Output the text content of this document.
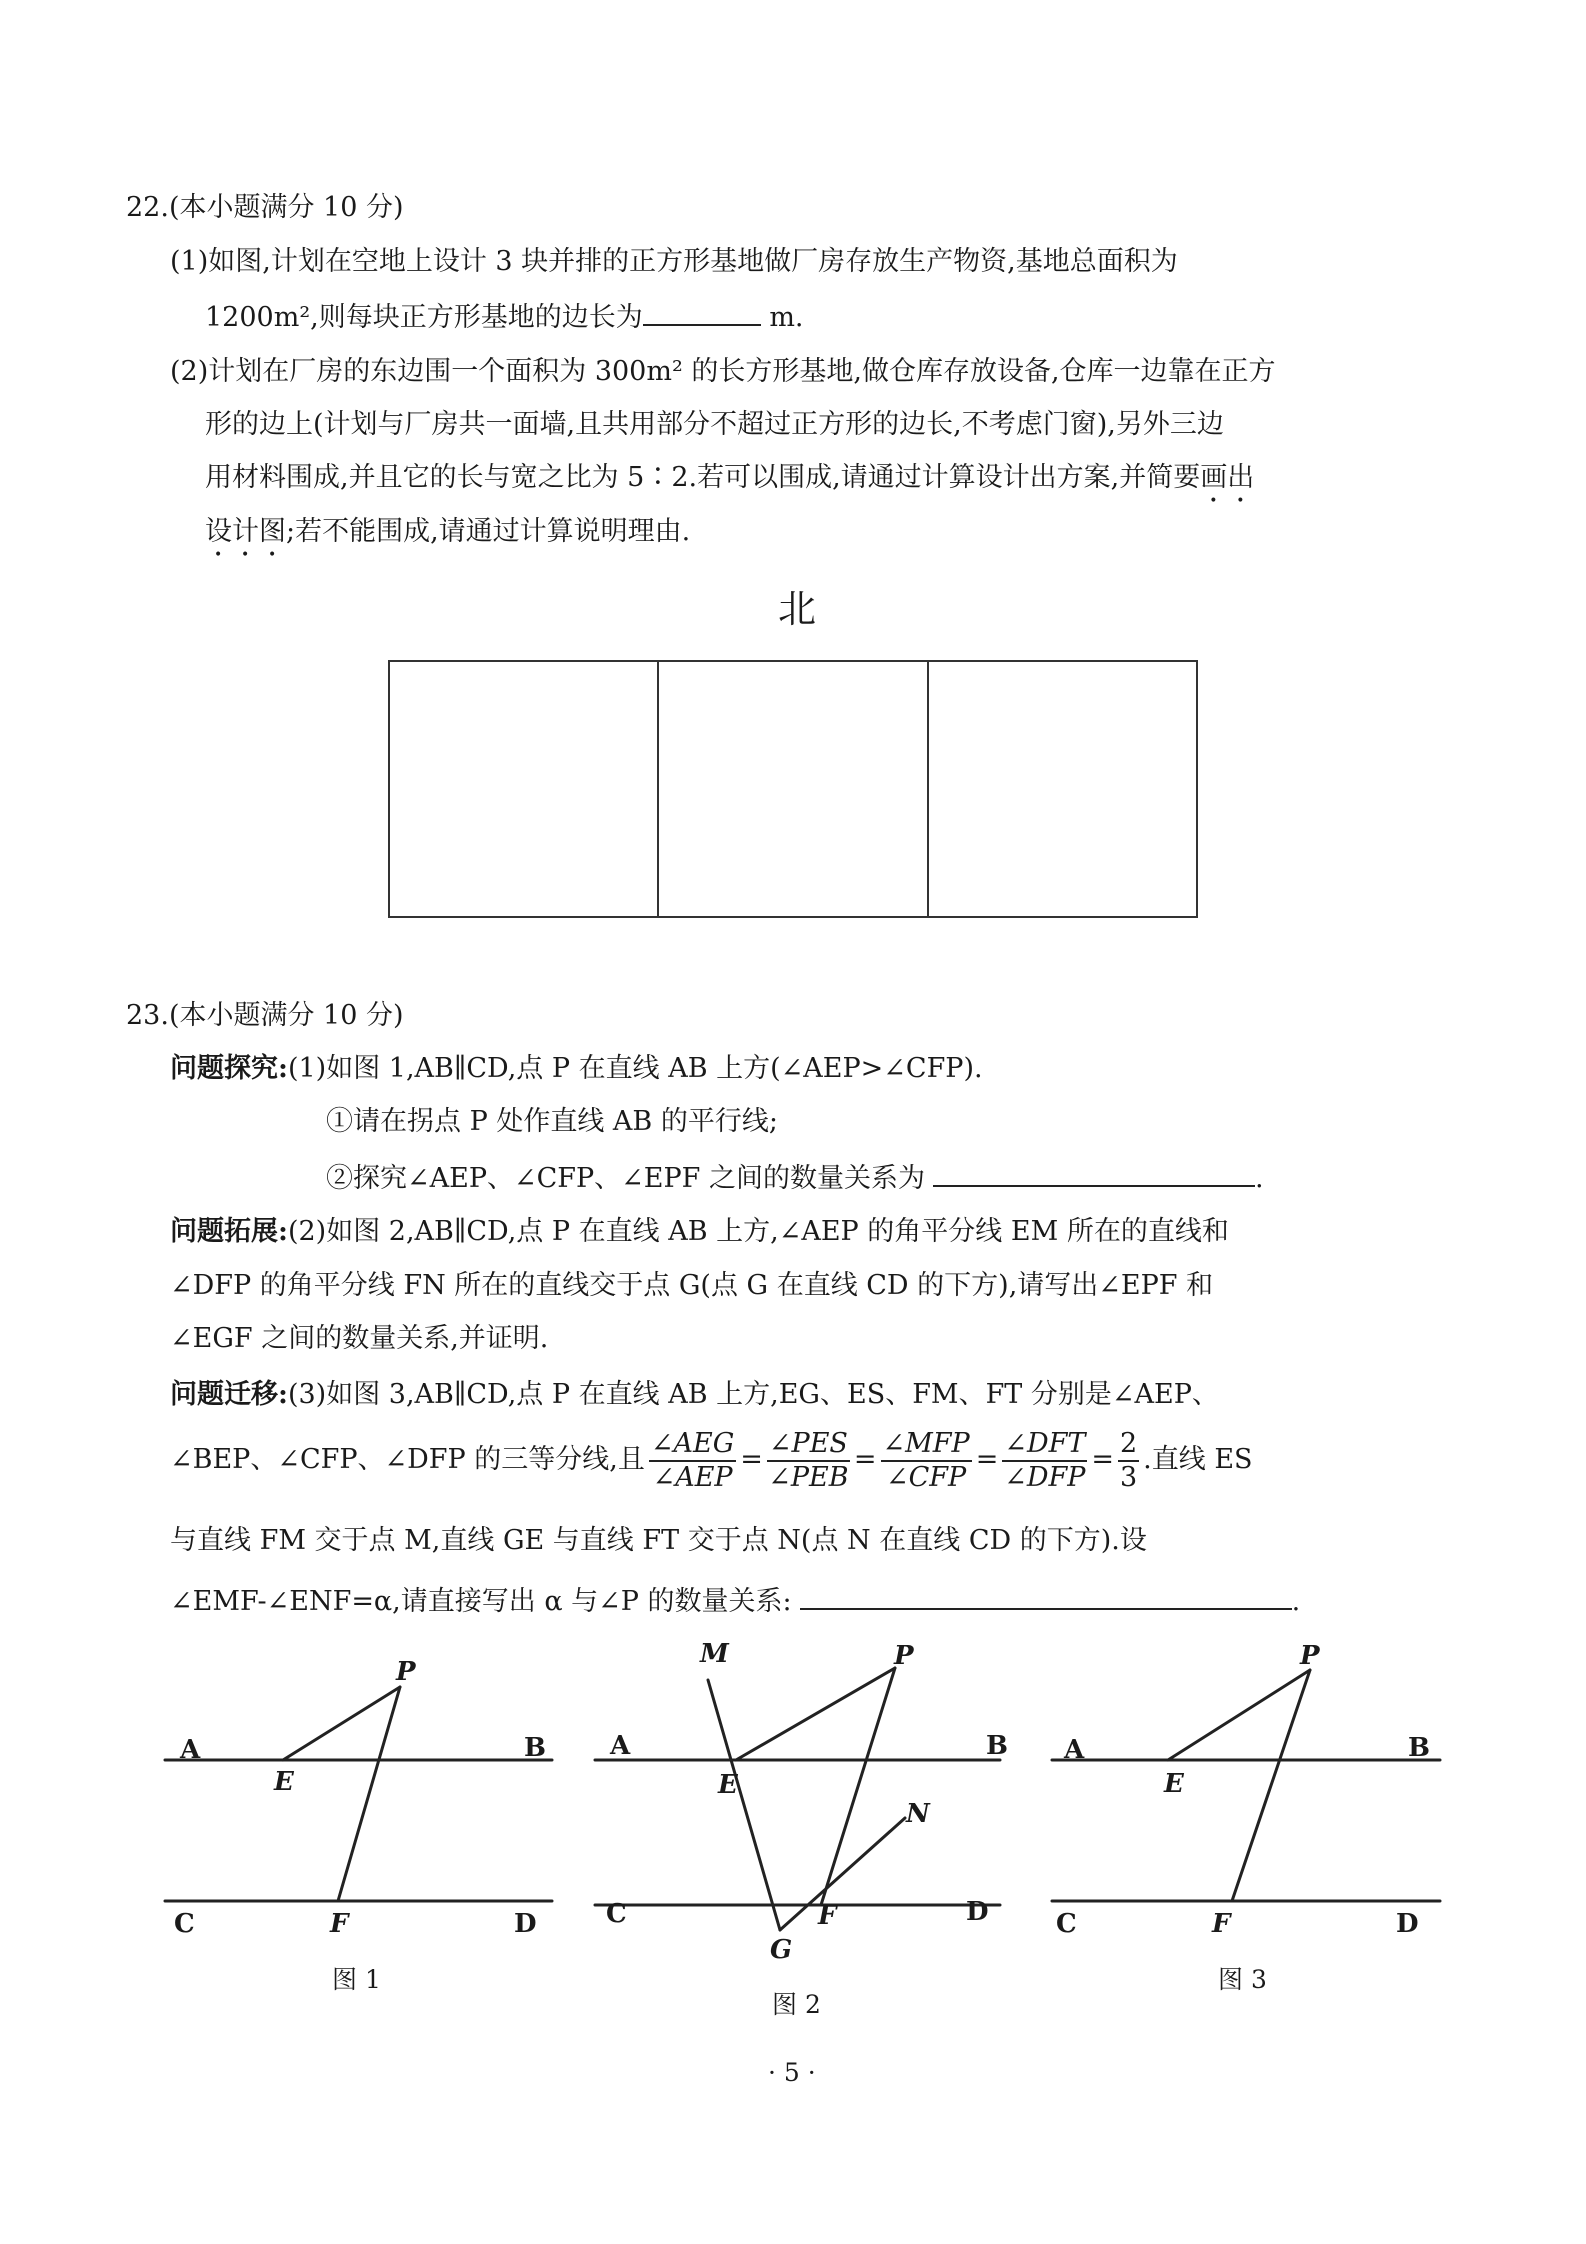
22.(本小题满分 10 分)
(1)如图,计划在空地上设计 3 块并排的正方形基地做厂房存放生产物资,基地总面积为
1200m²,则每块正方形基地的边长为	m.
(2)计划在厂房的东边围一个面积为 300m² 的长方形基地,做仓库存放设备,仓库一边靠在正方
形的边上(计划与厂房共一面墙,且共用部分不超过正方形的边长,不考虑门窗),另外三边
用材料围成,并且它的长与宽之比为 5∶2.若可以围成,请通过计算设计出方案,并简要画出
设计图;若不能围成,请通过计算说明理由.
北
23.(本小题满分 10 分)
问题探究:(1)如图 1,AB∥CD,点 P 在直线 AB 上方(∠AEP>∠CFP).
①请在拐点 P 处作直线 AB 的平行线;
②探究∠AEP、∠CFP、∠EPF 之间的数量关系为	.
问题拓展:(2)如图 2,AB∥CD,点 P 在直线 AB 上方,∠AEP 的角平分线 EM 所在的直线和
∠DFP 的角平分线 FN 所在的直线交于点 G(点 G 在直线 CD 的下方),请写出∠EPF 和
∠EGF 之间的数量关系,并证明.
问题迁移:(3)如图 3,AB∥CD,点 P 在直线 AB 上方,EG、ES、FM、FT 分别是∠AEP、
∠BEP、∠CFP、∠DFP 的三等分线,且 $\frac{\text{∠AEG}}{\text{∠AEP}} = \frac{\text{∠PES}}{\text{∠PEB}} = \frac{\text{∠MFP}}{\text{∠CFP}} = \frac{\text{∠DFT}}{\text{∠DFP}} = \frac{2}{3}$ .直线 ES
与直线 FM 交于点 M,直线 GE 与直线 FT 交于点 N(点 N 在直线 CD 的下方).设
∠EMF-∠ENF=α,请直接写出 α 与∠P 的数量关系:	.
A	B
C	D
E
F
P
A	B
C	D
E
F
P
M
N
G
A	B
C	D
E
F
P
图 1
图 2
图 3
· 5 ·
